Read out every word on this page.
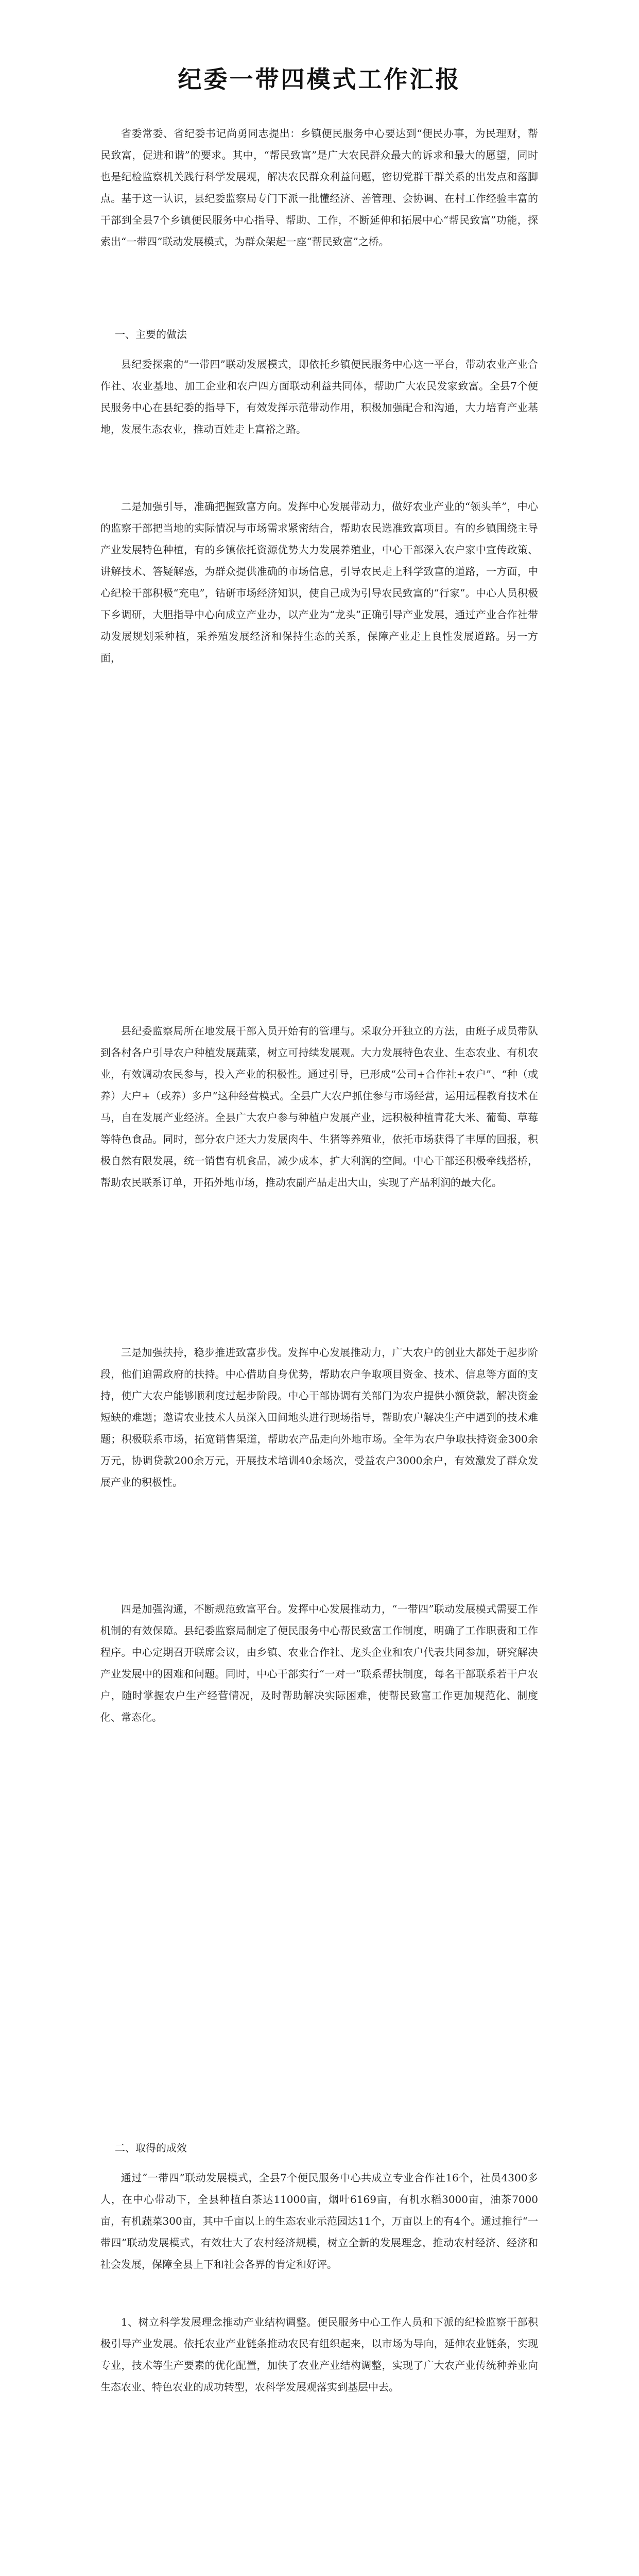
纪委一带四模式工作汇报

省委常委、省纪委书记尚勇同志提出：乡镇便民服务中心要达到“便民办事，为民理财，帮民致富，促进和谐”的要求。其中，“帮民致富”是广大农民群众最大的诉求和最大的愿望，同时也是纪检监察机关践行科学发展观，解决农民群众利益问题，密切党群干群关系的出发点和落脚点。基于这一认识，县纪委监察局专门下派一批懂经济、善管理、会协调、在村工作经验丰富的干部到全县7个乡镇便民服务中心指导、帮助、工作，不断延伸和拓展中心“帮民致富”功能，探索出“一带四”联动发展模式，为群众架起一座“帮民致富”之桥。

一、主要的做法

县纪委探索的“一带四”联动发展模式，即依托乡镇便民服务中心这一平台，带动农业产业合作社、农业基地、加工企业和农户四方面联动利益共同体，帮助广大农民发家致富。全县7个便民服务中心在县纪委的指导下，有效发挥示范带动作用，积极加强配合和沟通，大力培育产业基地，发展生态农业，推动百姓走上富裕之路。

二是加强引导，准确把握致富方向。发挥中心发展带动力，做好农业产业的“领头羊”，中心的监察干部把当地的实际情况与市场需求紧密结合，帮助农民选准致富项目。有的乡镇围绕主导产业发展特色种植，有的乡镇依托资源优势大力发展养殖业，中心干部深入农户家中宣传政策、讲解技术、答疑解惑，为群众提供准确的市场信息，引导农民走上科学致富的道路，一方面，中心纪检干部积极“充电”，钻研市场经济知识，使自己成为引导农民致富的“行家”。中心人员积极下乡调研，大胆指导中心向成立产业办，以产业为“龙头”正确引导产业发展，通过产业合作社带动发展规划采种植，采养殖发展经济和保持生态的关系，保障产业走上良性发展道路。另一方面，

县纪委监察局所在地发展干部入员开始有的管理与。采取分开独立的方法，由班子成员带队到各村各户引导农户种植发展蔬菜，树立可持续发展观。大力发展特色农业、生态农业、有机农业，有效调动农民参与，投入产业的积极性。通过引导，已形成“公司+合作社+农户”、“种（或养）大户+（或养）多户”这种经营模式。全县广大农户抓住参与市场经营，运用远程教育技术在马，自在发展产业经济。全县广大农户参与种植户发展产业，远积极种植青花大米、葡萄、草莓等特色食品。同时，部分农户还大力发展肉牛、生猪等养殖业，依托市场获得了丰厚的回报，积极自然有限发展，统一销售有机食品，减少成本，扩大利润的空间。中心干部还积极牵线搭桥，帮助农民联系订单，开拓外地市场，推动农副产品走出大山，实现了产品利润的最大化。

三是加强扶持，稳步推进致富步伐。发挥中心发展推动力，广大农户的创业大都处于起步阶段，他们迫需政府的扶持。中心借助自身优势，帮助农户争取项目资金、技术、信息等方面的支持，使广大农户能够顺利度过起步阶段。中心干部协调有关部门为农户提供小额贷款，解决资金短缺的难题；邀请农业技术人员深入田间地头进行现场指导，帮助农户解决生产中遇到的技术难题；积极联系市场，拓宽销售渠道，帮助农产品走向外地市场。全年为农户争取扶持资金300余万元，协调贷款200余万元，开展技术培训40余场次，受益农户3000余户，有效激发了群众发展产业的积极性。

四是加强沟通，不断规范致富平台。发挥中心发展推动力，“一带四”联动发展模式需要工作机制的有效保障。县纪委监察局制定了便民服务中心帮民致富工作制度，明确了工作职责和工作程序。中心定期召开联席会议，由乡镇、农业合作社、龙头企业和农户代表共同参加，研究解决产业发展中的困难和问题。同时，中心干部实行“一对一”联系帮扶制度，每名干部联系若干户农户，随时掌握农户生产经营情况，及时帮助解决实际困难，使帮民致富工作更加规范化、制度化、常态化。

二、取得的成效

通过“一带四”联动发展模式，全县7个便民服务中心共成立专业合作社16个，社员4300多人，在中心带动下，全县种植白茶达11000亩，烟叶6169亩，有机水稻3000亩，油茶7000亩，有机蔬菜300亩，其中千亩以上的生态农业示范园达11个，万亩以上的有4个。通过推行“一带四”联动发展模式，有效壮大了农村经济规模，树立全新的发展理念，推动农村经济、经济和社会发展，保障全县上下和社会各界的肯定和好评。

1、树立科学发展理念推动产业结构调整。便民服务中心工作人员和下派的纪检监察干部积极引导产业发展。依托农业产业链条推动农民有组织起来，以市场为导向，延伸农业链条，实现专业，技术等生产要素的优化配置，加快了农业产业结构调整，实现了广大农产业传统种养业向生态农业、特色农业的成功转型，农科学发展观落实到基层中去。
